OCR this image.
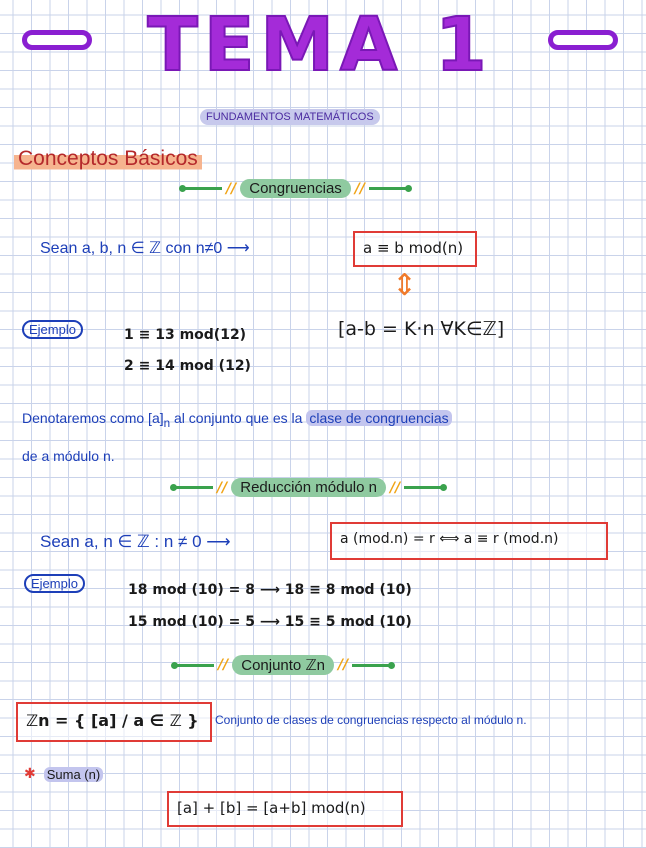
TEMA 1
FUNDAMENTOS MATEMÁTICOS
Conceptos Básicos
// Congruencias //
Sean a, b, n ∈ ℤ con n≠0 ⟶	a ≡ b mod(n)
⇕
[a-b = K·n ∀K∈ℤ]
Ejemplo	1 ≡ 13 mod(12)
2 ≡ 14 mod (12)
Denotaremos como $[a]_n$ al conjunto que es la clase de congruencias
de a módulo n.
// Reducción módulo n //
Sean a, n ∈ ℤ : n ≠ 0 ⟶	a (mod.n) = r ⟺ a ≡ r (mod.n)
Ejemplo	18 mod (10) = 8 ⟶ 18 ≡ 8 mod (10)
15 mod (10) = 5 ⟶ 15 ≡ 5 mod (10)
// Conjunto ℤn //
ℤn = { [a] / a ∈ ℤ }	Conjunto de clases de congruencias respecto al módulo n.
✱ Suma (n)
[a] + [b] = [a+b] mod(n)
